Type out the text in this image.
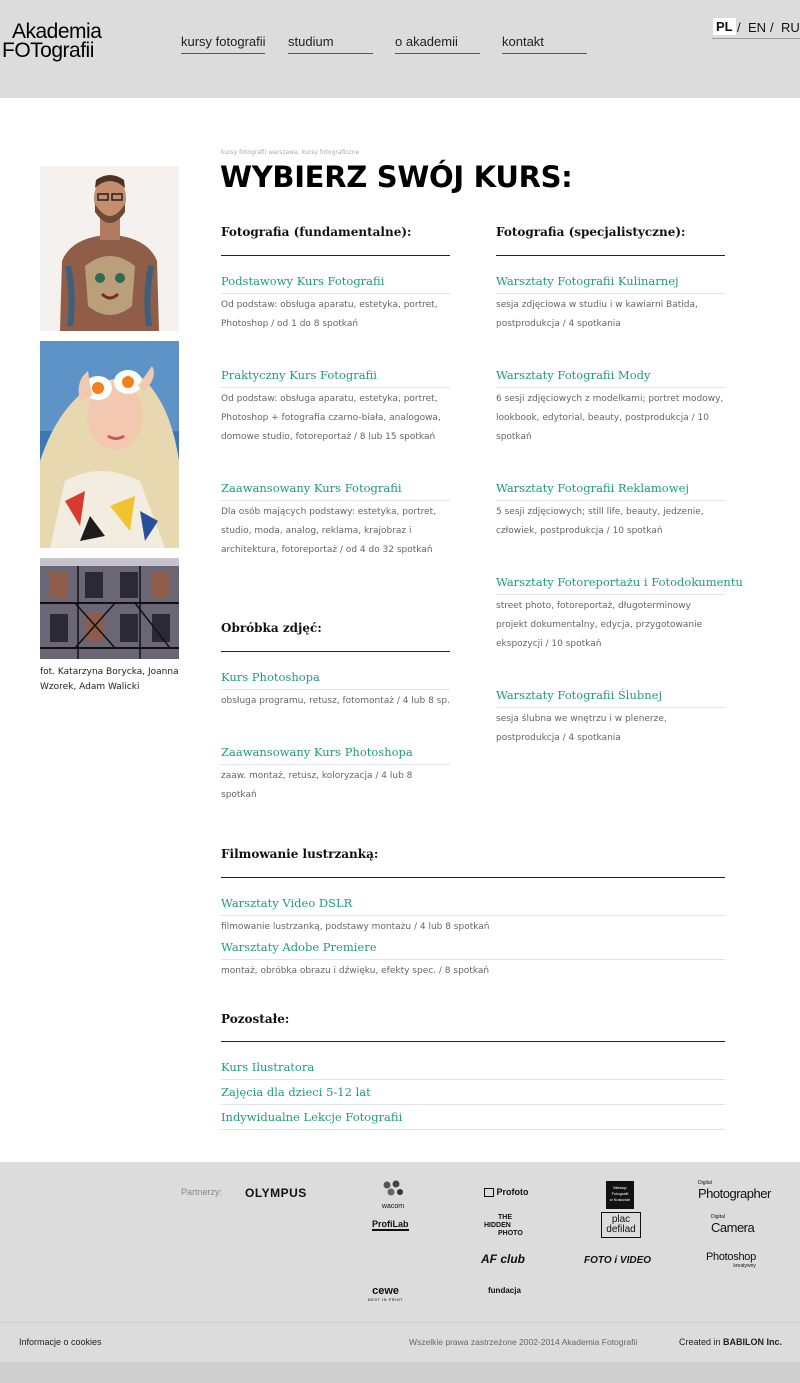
Akademia
FOTografii	kursy fotografii studium	o akademii	kontakt
PL / EN / RU
fot. Katarzyna Borycka, Joanna Wzorek, Adam Walicki
kursy fotografii warszawa, kursy fotograficzne
WYBIERZ SWÓJ KURS:
Fotografia (fundamentalne):
Podstawowy Kurs Fotografii
Od podstaw: obsługa aparatu, estetyka, portret, Photoshop / od 1 do 8 spotkań
Praktyczny Kurs Fotografii
Od podstaw: obsługa aparatu, estetyka, portret, Photoshop + fotografia czarno-biała, analogowa, domowe studio, fotoreportaż / 8 lub 15 spotkań
Zaawansowany Kurs Fotografii
Dla osób mających podstawy: estetyka, portret, studio, moda, analog, reklama, krajobraz i architektura, fotoreportaż / od 4 do 32 spotkań
Fotografia (specjalistyczne):
Warsztaty Fotografii Kulinarnej
sesja zdjęciowa w studiu i w kawiarni Batida, postprodukcja / 4 spotkania
Warsztaty Fotografii Mody
6 sesji zdjęciowych z modelkami; portret modowy, lookbook, edytorial, beauty, postprodukcja / 10 spotkań
Warsztaty Fotografii Reklamowej
5 sesji zdjęciowych; still life, beauty, jedzenie, człowiek, postprodukcja / 10 spotkań
Warsztaty Fotoreportażu i Fotodokumentu
street photo, fotoreportaż, długoterminowy projekt dokumentalny, edycja, przygotowanie ekspozycji / 10 spotkań
Warsztaty Fotografii Ślubnej
sesja ślubna we wnętrzu i w plenerze, postprodukcja / 4 spotkania
Obróbka zdjęć:
Kurs Photoshopa
obsługa programu, retusz, fotomontaż / 4 lub 8 sp.
Zaawansowany Kurs Photoshopa
zaaw. montaż, retusz, koloryzacja / 4 lub 8 spotkań
Filmowanie lustrzanką:
Warsztaty Video DSLR
filmowanie lustrzanką, podstawy montażu / 4 lub 8 spotkań
Warsztaty Adobe Premiere
montaż, obróbka obrazu i dźwięku, efekty spec. / 8 spotkań
Pozostałe:
Kurs Ilustratora
Zajęcia dla dzieci 5-12 lat
Indywidualne Lekcje Fotografii
Partnerzy: OLYMPUS
wacom
Profoto	Miesiąc
Fotografii
w Krakowie
Digital
Photographer
ProfiLab
THE
HIDDEN
PHOTO
plac
defilad
Digital
Camera
AF club	FOTO i VIDEO	Photoshop
kreatywny
cewe
BEST IN PRINT
fundacja
Informacje o cookies	Wszelkie prawa zastrzeżone 2002-2014 Akademia Fotografii	Created in BABILON Inc.
